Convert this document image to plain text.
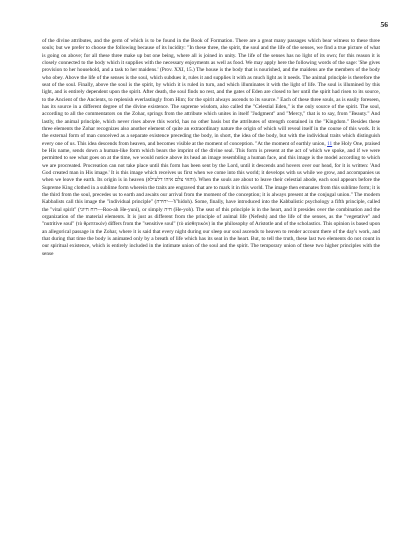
56

of the divine attributes, and the germ of which is to be found in the Book of Formation. There are a great many passages which bear witness to these three souls; but we prefer to choose the following because of its lucidity: "In these three, the spirit, the soul and the life of the senses, we find a true picture of what is going on above; for all these three make up but one being, where all is joined in unity. The life of the senses has no light of its own; for this reason it is closely connected to the body which it supplies with the necessary enjoyments as well as food. We may apply here the following words of the sage: 'She gives provision to her household, and a task to her maidens.' (Prov. XXI, 15.) The house is the body that is nourished, and the maidens are the members of the body who obey. Above the life of the senses is the soul, which subdues it, rules it and supplies it with as much light as it needs. The animal principle is therefore the seat of the soul. Finally, above the soul is the spirit, by which it is ruled in turn, and which illuminates it with the light of life. The soul is illumined by this light, and is entirely dependent upon the spirit. After death, the soul finds no rest, and the gates of Eden are closed to her until the spirit had risen to its source, to the Ancient of the Ancients, to replenish everlastingly from Him; for the spirit always ascends to its source." Each of these three souls, as is easily foreseen, has its source in a different degree of the divine existence. The supreme wisdom, also called the "Celestial Eden," is the only source of the spirit. The soul, according to all the commentators on the Zohar, springs from the attribute which unites in itself "Judgment" and "Mercy," that is to say, from "Beauty." And lastly, the animal principle, which never rises above this world, has no other basis but the attributes of strength contained in the "Kingdom." Besides these three elements the Zohar recognizes also another element of quite an extraordinary nature the origin of which will reveal itself in the course of this work. It is the external form of man conceived as a separate existence preceding the body, in short, the idea of the body, but with the individual traits which distinguish every one of us. This idea descends from heaven, and becomes visible at the moment of conception. "At the moment of earthly union, 11 the Holy One, praised be His name, sends down a human-like form which bears the imprint of the divine seal. This form is present at the act of which we spoke, and if we were permitted to see what goes on at the time, we would notice above its head an image resembling a human face, and this image is the model according to which we are procreated. Procreation can not take place until this form has been sent by the Lord, until it descends and hovers over our head, for it is written: 'And God created man in His image.' It is this image which receives us first when we come into this world; it develops with us while we grow, and accompanies us when we leave the earth. Its origin is in heaven (והאי צלם איהו דלעילא). When the souls are about to leave their celestial abode, each soul appears before the Supreme King clothed in a sublime form wherein the traits are engraved that are to mark it in this world. The image then emanates from this sublime form; it is the third from the soul, precedes us to earth and awaits our arrival from the moment of the conception; it is always present at the conjugal union." The modern Kabbalists call this image the "individual principle" (יחידה—Y'hidoh). Some, finally, have introduced into the Kabbalistic psychology a fifth principle, called the "vital spirit" (רוח חיוני—Roo-ah He-yuni), or simply חיה (He-yoh). The seat of this principle is in the heart, and it presides over the combination and the organization of the material elements. It is just as different from the principle of animal life (Nefesh) and the life of the senses, as the "vegetative" and "nutritive soul" (τὸ θρεπτικόν) differs from the "sensitive soul" (τὸ αἰσθητικόν) in the philosophy of Aristotle and of the scholastics. This opinion is based upon an allegorical passage in the Zohar, where it is said that every night during our sleep our soul ascends to heaven to render account there of the day's work, and that during that time the body is animated only by a breath of life which has its seat in the heart. But, to tell the truth, these last two elements do not count in our spiritual existence, which is entirely included in the intimate union of the soul and the spirit. The temporary union of these two higher principles with the sense
